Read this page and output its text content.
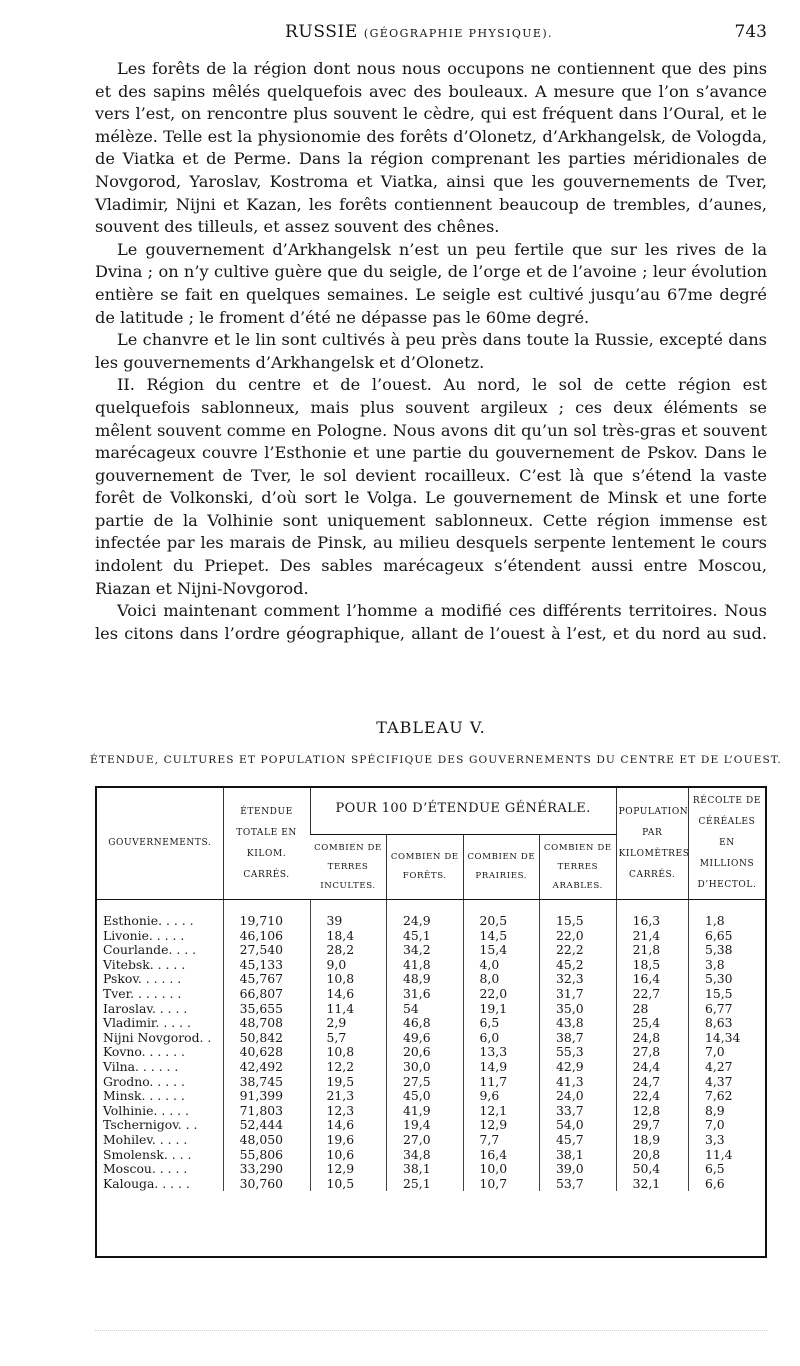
RUSSIE (GÉOGRAPHIE PHYSIQUE).	743

Les forêts de la région dont nous nous occupons ne contiennent que des pins et des sapins mêlés quelquefois avec des bouleaux. A mesure que l’on s’avance vers l’est, on rencontre plus souvent le cèdre, qui est fréquent dans l’Oural, et le mélèze. Telle est la physionomie des forêts d’Olonetz, d’Arkhangelsk, de Vologda, de Viatka et de Perme. Dans la région comprenant les parties méridionales de Novgorod, Yaroslav, Kostroma et Viatka, ainsi que les gouvernements de Tver, Vladimir, Nijni et Kazan, les forêts contiennent beaucoup de trembles, d’aunes, souvent des tilleuls, et assez souvent des chênes.

Le gouvernement d’Arkhangelsk n’est un peu fertile que sur les rives de la Dvina ; on n’y cultive guère que du seigle, de l’orge et de l’avoine ; leur évolution entière se fait en quelques semaines. Le seigle est cultivé jusqu’au 67me degré de latitude ; le froment d’été ne dépasse pas le 60me degré.

Le chanvre et le lin sont cultivés à peu près dans toute la Russie, excepté dans les gouvernements d’Arkhangelsk et d’Olonetz.

II. Région du centre et de l’ouest. Au nord, le sol de cette région est quelquefois sablonneux, mais plus souvent argileux ; ces deux éléments se mêlent souvent comme en Pologne. Nous avons dit qu’un sol très-gras et souvent marécageux couvre l’Esthonie et une partie du gouvernement de Pskov. Dans le gouvernement de Tver, le sol devient rocailleux. C’est là que s’étend la vaste forêt de Volkonski, d’où sort le Volga. Le gouvernement de Minsk et une forte partie de la Volhinie sont uniquement sablonneux. Cette région immense est infectée par les marais de Pinsk, au milieu desquels serpente lentement le cours indolent du Priepet. Des sables marécageux s’étendent aussi entre Moscou, Riazan et Nijni-Novgorod.

Voici maintenant comment l’homme a modifié ces différents territoires. Nous les citons dans l’ordre géographique, allant de l’ouest à l’est, et du nord au sud.

TABLEAU V.
ÉTENDUE, CULTURES ET POPULATION SPÉCIFIQUE DES GOUVERNEMENTS DU CENTRE ET DE L’OUEST.
GOUVERNEMENTS.	ÉTENDUE TOTALE EN KILOM. CARRÉS.	POUR 100 D’ÉTENDUE GÉNÉRALE.				POPULATION PAR KILOMÈTRES CARRÉS.	RÉCOLTE DE CÉRÉALES EN MILLIONS D’HECTOL.
		COMBIEN DE TERRES INCULTES.	COMBIEN DE FORÊTS.	COMBIEN DE PRAIRIES.	COMBIEN DE TERRES ARABLES.		
Esthonie. . . . .	19,710	39	24,9	20,5	15,5	16,3	1,8
Livonie. . . . .	46,106	18,4	45,1	14,5	22,0	21,4	6,65
Courlande. . . .	27,540	28,2	34,2	15,4	22,2	21,8	5,38
Vitebsk. . . . .	45,133	9,0	41,8	4,0	45,2	18,5	3,8
Pskov. . . . . .	45,767	10,8	48,9	8,0	32,3	16,4	5,30
Tver. . . . . . .	66,807	14,6	31,6	22,0	31,7	22,7	15,5
Iaroslav. . . . .	35,655	11,4	54	19,1	35,0	28	6,77
Vladimir. . . . .	48,708	2,9	46,8	6,5	43,8	25,4	8,63
Nijni Novgorod. .	50,842	5,7	49,6	6,0	38,7	24,8	14,34
Kovno. . . . . .	40,628	10,8	20,6	13,3	55,3	27,8	7,0
Vilna. . . . . .	42,492	12,2	30,0	14,9	42,9	24,4	4,27
Grodno. . . . .	38,745	19,5	27,5	11,7	41,3	24,7	4,37
Minsk. . . . . .	91,399	21,3	45,0	9,6	24,0	22,4	7,62
Volhinie. . . . .	71,803	12,3	41,9	12,1	33,7	12,8	8,9
Tschernigov. . .	52,444	14,6	19,4	12,9	54,0	29,7	7,0
Mohilev. . . . .	48,050	19,6	27,0	7,7	45,7	18,9	3,3
Smolensk. . . .	55,806	10,6	34,8	16,4	38,1	20,8	11,4
Moscou. . . . .	33,290	12,9	38,1	10,0	39,0	50,4	6,5
Kalouga. . . . .	30,760	10,5	25,1	10,7	53,7	32,1	6,6
